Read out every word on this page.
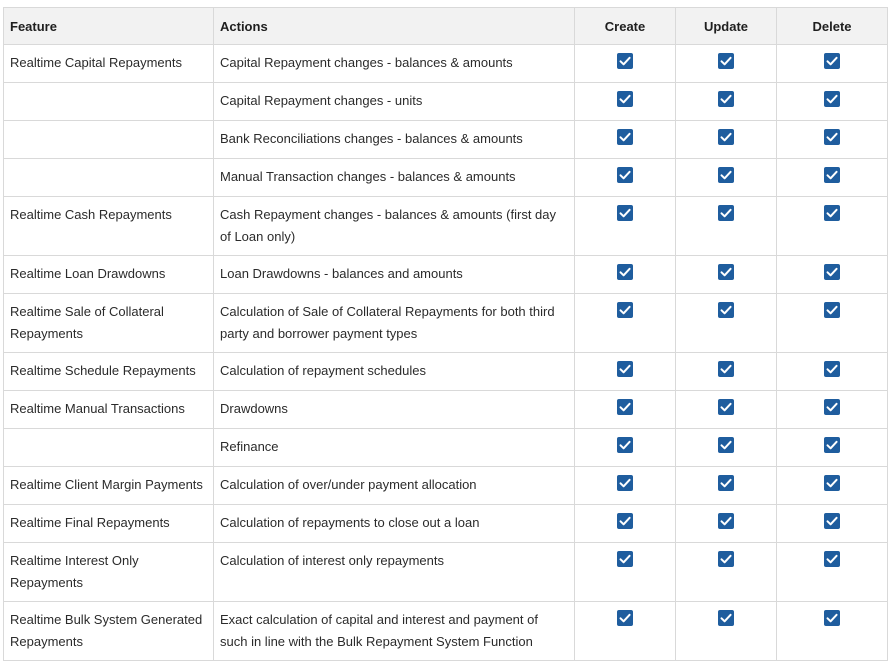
Feature	Actions	Create	Update	Delete
Realtime Capital Repayments	Capital Repayment changes - balances & amounts	

	Capital Repayment changes - units	

	Bank Reconciliations changes - balances & amounts	

	Manual Transaction changes - balances & amounts	

Realtime Cash Repayments	Cash Repayment changes - balances & amounts (first day of Loan only)	

Realtime Loan Drawdowns	Loan Drawdowns - balances and amounts	

Realtime Sale of Collateral Repayments	Calculation of Sale of Collateral Repayments for both third party and borrower payment types	

Realtime Schedule Repayments	Calculation of repayment schedules	

Realtime Manual Transactions	Drawdowns	

	Refinance	

Realtime Client Margin Payments	Calculation of over/under payment allocation	

Realtime Final Repayments	Calculation of repayments to close out a loan	

Realtime Interest Only Repayments	Calculation of interest only repayments	

Realtime Bulk System Generated Repayments	Exact calculation of capital and interest and payment of such in line with the Bulk Repayment System Function	
